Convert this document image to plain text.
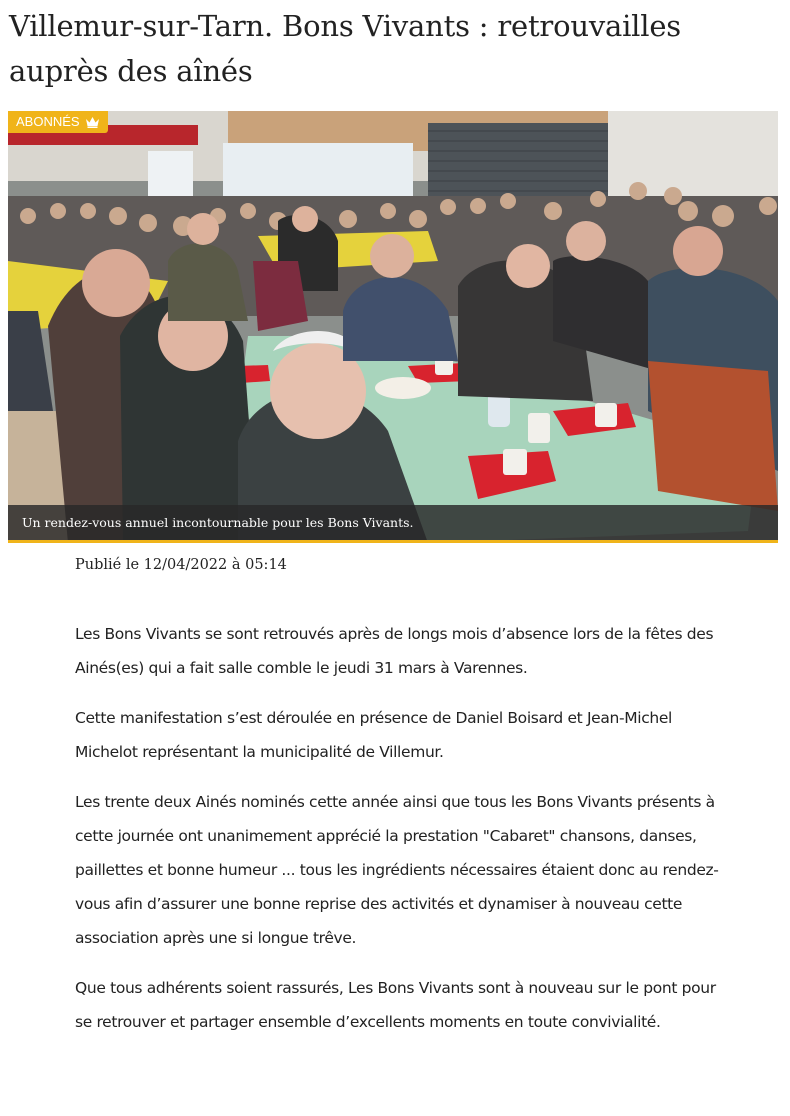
Villemur-sur-Tarn. Bons Vivants : retrouvailles auprès des aînés
ABONNÉS
Un rendez-vous annuel incontournable pour les Bons Vivants.
Publié le 12/04/2022 à 05:14

Les Bons Vivants se sont retrouvés après de longs mois d’absence lors de la fêtes des Ainés(es) qui a fait salle comble le jeudi 31 mars à Varennes.

Cette manifestation s’est déroulée en présence de Daniel Boisard et Jean-Michel Michelot représentant la municipalité de Villemur.

Les trente deux Ainés nominés cette année ainsi que tous les Bons Vivants présents à cette journée ont unanimement apprécié la prestation "Cabaret" chansons, danses, paillettes et bonne humeur ... tous les ingrédients nécessaires étaient donc au rendez-vous afin d’assurer une bonne reprise des activités et dynamiser à nouveau cette association après une si longue trêve.

Que tous adhérents soient rassurés, Les Bons Vivants sont à nouveau sur le pont pour se retrouver et partager ensemble d’excellents moments en toute convivialité.
